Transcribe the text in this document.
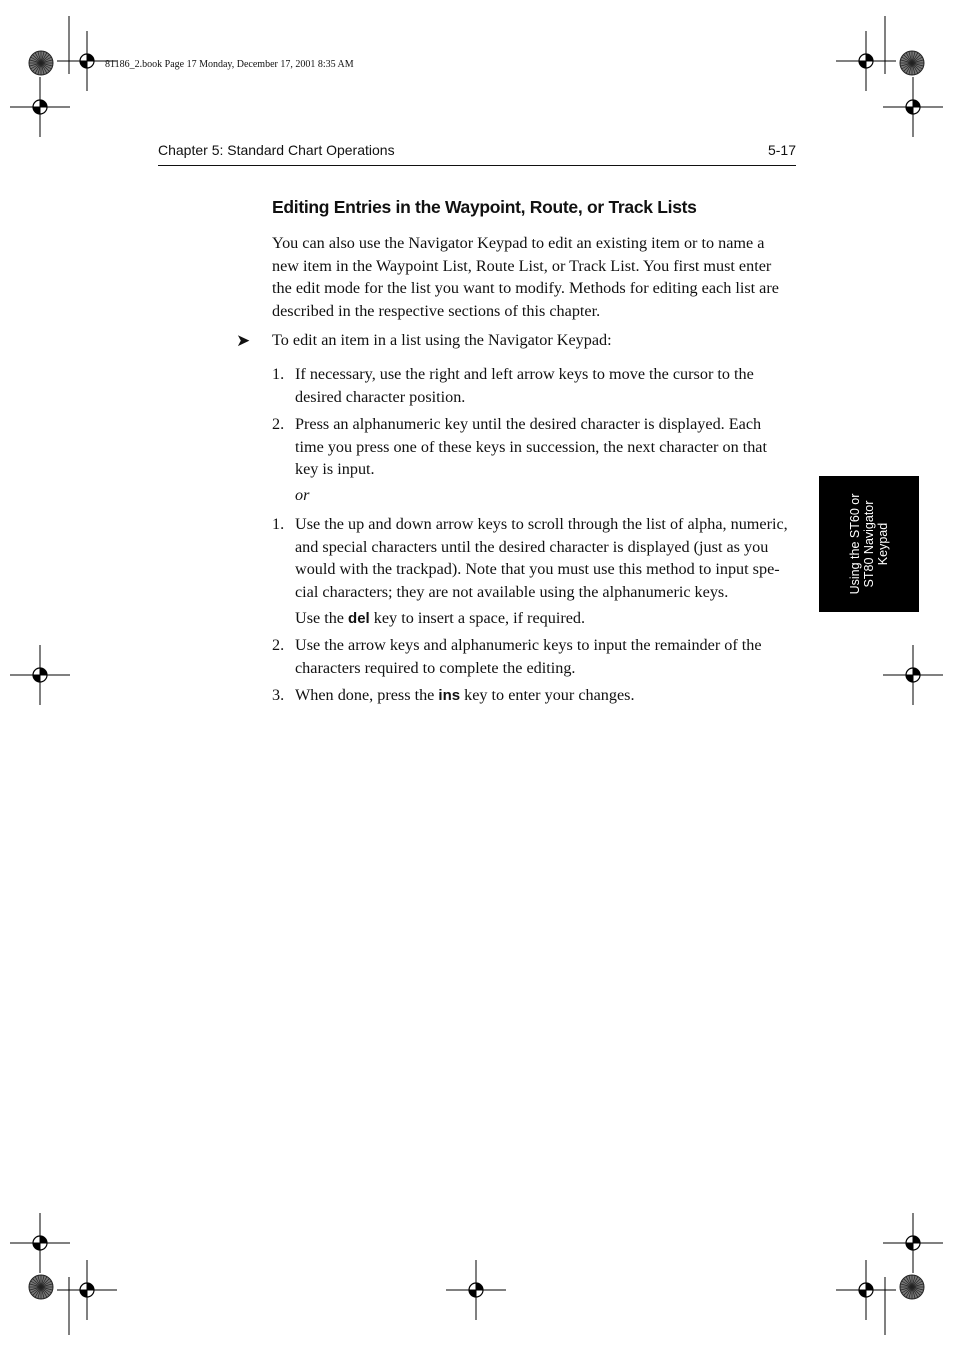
81186_2.book Page 17 Monday, December 17, 2001 8:35 AM
Chapter 5: Standard Chart Operations	5-17
Editing Entries in the Waypoint, Route, or Track Lists
You can also use the Navigator Keypad to edit an existing item or to name a
new item in the Waypoint List, Route List, or Track List. You first must enter
the edit mode for the list you want to modify. Methods for editing each list are
described in the respective sections of this chapter.
➤ To edit an item in a list using the Navigator Keypad:
1. If necessary, use the right and left arrow keys to move the cursor to the
desired character position.
2. Press an alphanumeric key until the desired character is displayed. Each
time you press one of these keys in succession, the next character on that
key is input.
or
1. Use the up and down arrow keys to scroll through the list of alpha, numeric,
and special characters until the desired character is displayed (just as you
would with the trackpad). Note that you must use this method to input spe-
cial characters; they are not available using the alphanumeric keys.
Use the del key to insert a space, if required.
2. Use the arrow keys and alphanumeric keys to input the remainder of the
characters required to complete the editing.
3. When done, press the ins key to enter your changes.
Using the ST60 or ST80 Navigator Keypad
